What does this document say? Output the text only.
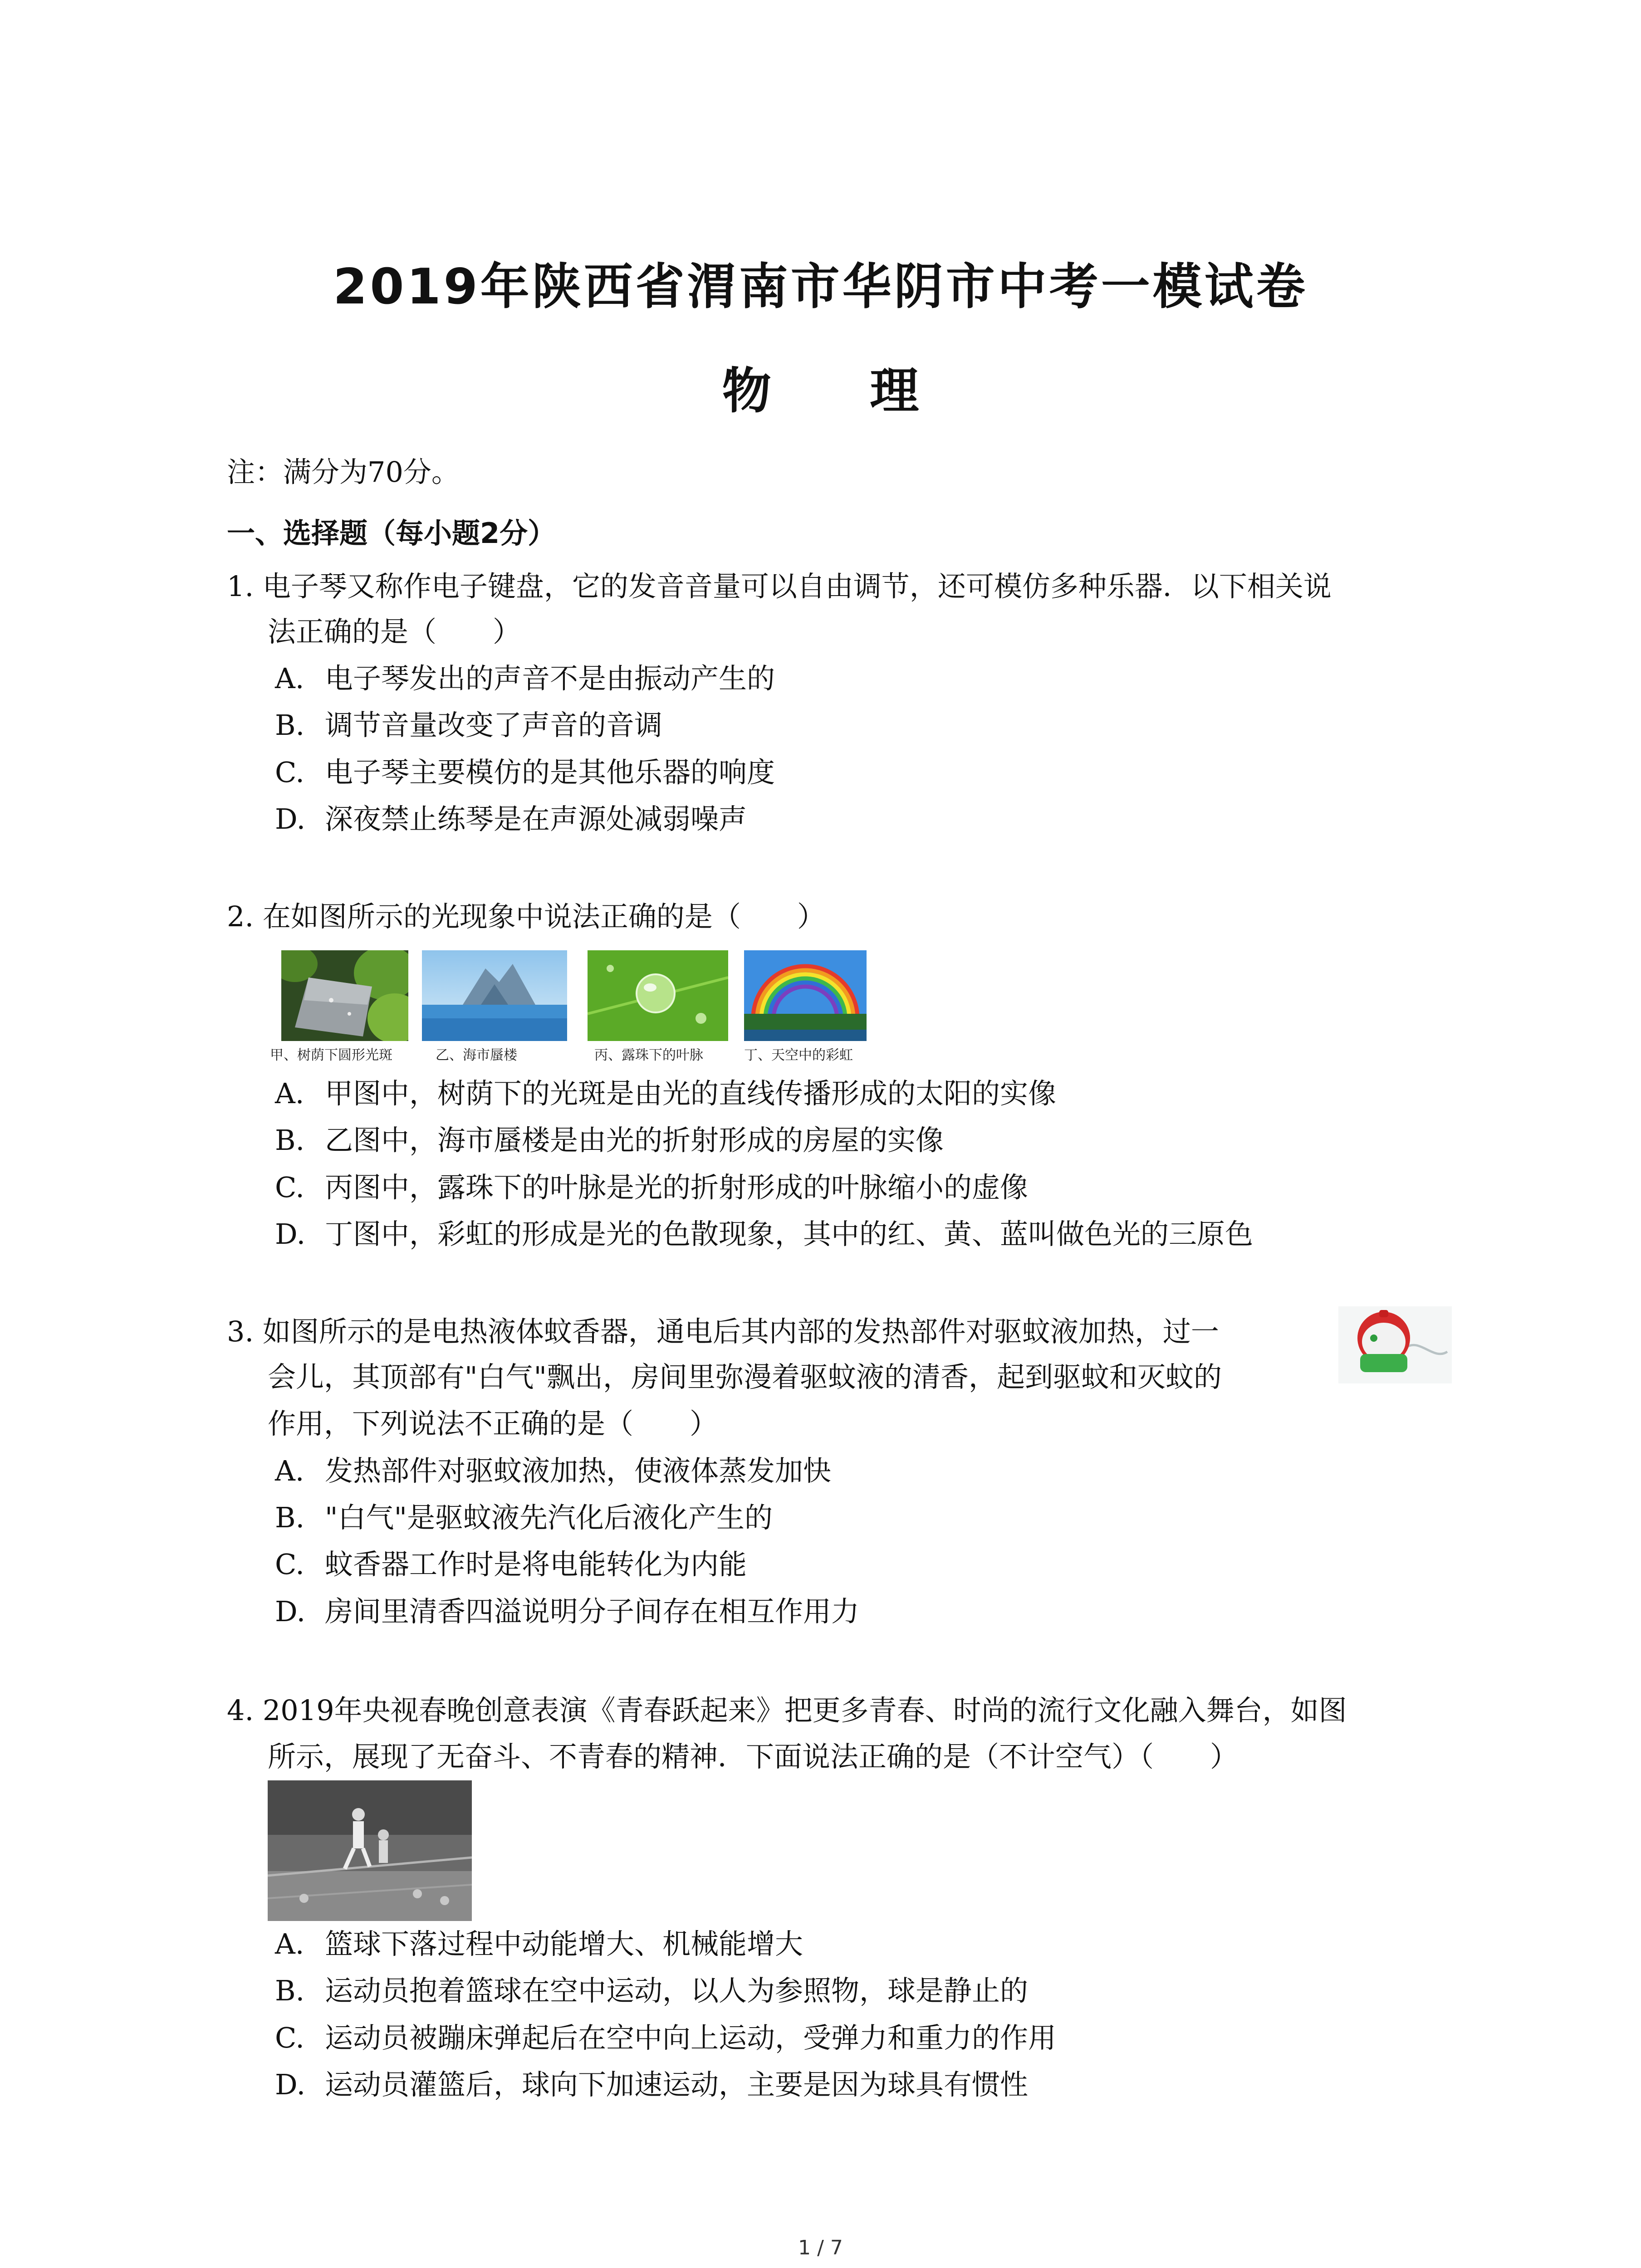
2019年陕西省渭南市华阴市中考一模试卷
物 理
注：满分为70分。
一、选择题（每小题2分）
1. 电子琴又称作电子键盘，它的发音音量可以自由调节，还可模仿多种乐器．以下相关说
法正确的是（　　）
A. 电子琴发出的声音不是由振动产生的
B. 调节音量改变了声音的音调
C. 电子琴主要模仿的是其他乐器的响度
D. 深夜禁止练琴是在声源处减弱噪声
2. 在如图所示的光现象中说法正确的是（　　）
甲、树荫下圆形光斑	乙、海市蜃楼	丙、露珠下的叶脉	丁、天空中的彩虹
A. 甲图中，树荫下的光斑是由光的直线传播形成的太阳的实像
B. 乙图中，海市蜃楼是由光的折射形成的房屋的实像
C. 丙图中，露珠下的叶脉是光的折射形成的叶脉缩小的虚像
D. 丁图中，彩虹的形成是光的色散现象，其中的红、黄、蓝叫做色光的三原色
3. 如图所示的是电热液体蚊香器，通电后其内部的发热部件对驱蚊液加热，过一
会儿，其顶部有"白气"飘出，房间里弥漫着驱蚊液的清香，起到驱蚊和灭蚊的
作用，下列说法不正确的是（　　）
A. 发热部件对驱蚊液加热，使液体蒸发加快
B. "白气"是驱蚊液先汽化后液化产生的
C. 蚊香器工作时是将电能转化为内能
D. 房间里清香四溢说明分子间存在相互作用力
4. 2019年央视春晚创意表演《青春跃起来》把更多青春、时尚的流行文化融入舞台，如图
所示，展现了无奋斗、不青春的精神．下面说法正确的是（不计空气）（　　）
A. 篮球下落过程中动能增大、机械能增大
B. 运动员抱着篮球在空中运动，以人为参照物，球是静止的
C. 运动员被蹦床弹起后在空中向上运动，受弹力和重力的作用
D. 运动员灌篮后，球向下加速运动，主要是因为球具有惯性
1 / 7
